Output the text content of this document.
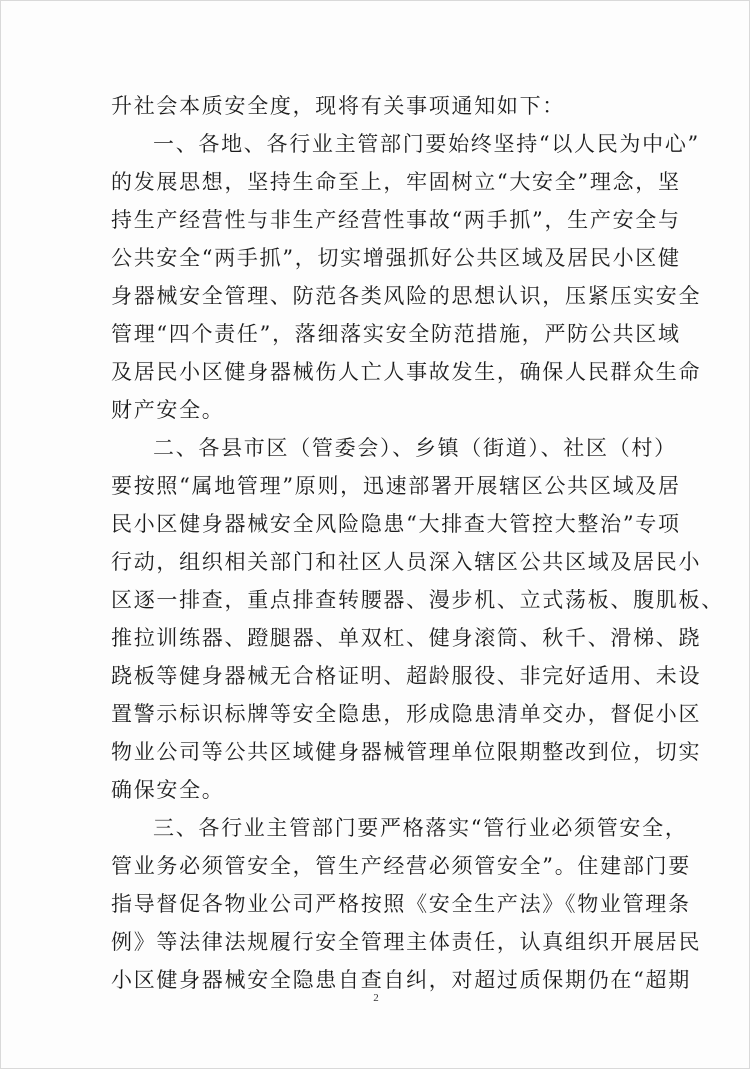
升社会本质安全度，现将有关事项通知如下：
一、各地、各行业主管部门要始终坚持“以人民为中心”
的发展思想，坚持生命至上，牢固树立“大安全”理念，坚
持生产经营性与非生产经营性事故“两手抓”，生产安全与
公共安全“两手抓”，切实增强抓好公共区域及居民小区健
身器械安全管理、防范各类风险的思想认识，压紧压实安全
管理“四个责任”，落细落实安全防范措施，严防公共区域
及居民小区健身器械伤人亡人事故发生，确保人民群众生命
财产安全。
二、各县市区（管委会）、乡镇（街道）、社区（村）
要按照“属地管理”原则，迅速部署开展辖区公共区域及居
民小区健身器械安全风险隐患“大排查大管控大整治”专项
行动，组织相关部门和社区人员深入辖区公共区域及居民小
区逐一排查，重点排查转腰器、漫步机、立式荡板、腹肌板、
推拉训练器、蹬腿器、单双杠、健身滚筒、秋千、滑梯、跷
跷板等健身器械无合格证明、超龄服役、非完好适用、未设
置警示标识标牌等安全隐患，形成隐患清单交办，督促小区
物业公司等公共区域健身器械管理单位限期整改到位，切实
确保安全。
三、各行业主管部门要严格落实“管行业必须管安全，
管业务必须管安全，管生产经营必须管安全”。住建部门要
指导督促各物业公司严格按照《安全生产法》《物业管理条
例》等法律法规履行安全管理主体责任，认真组织开展居民
小区健身器械安全隐患自查自纠，对超过质保期仍在“超期
2
